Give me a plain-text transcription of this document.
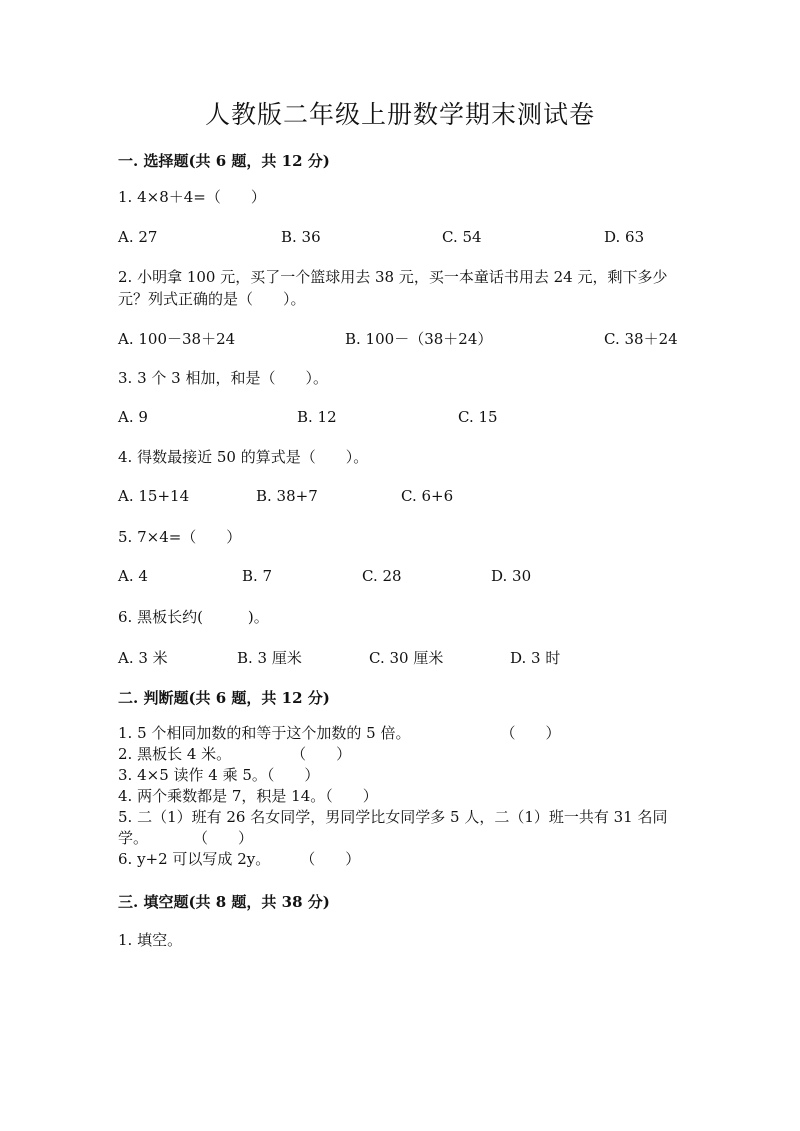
人教版二年级上册数学期末测试卷
一. 选择题(共 6 题，共 12 分)

1. 4×8＋4=（　　）

A. 27	B. 36	C. 54	D. 63

2. 小明拿 100 元，买了一个篮球用去 38 元，买一本童话书用去 24 元，剩下多少元？列式正确的是（　　）。

A. 100－38＋24	B. 100－（38＋24）	C. 38＋24

3. 3 个 3 相加，和是（　　）。

A. 9	B. 12	C. 15

4. 得数最接近 50 的算式是（　　）。

A. 15+14	B. 38+7	C. 6+6

5. 7×4=（　　）

A. 4	B. 7	C. 28	D. 30

6. 黑板长约(　　　)。

A. 3 米	B. 3 厘米	C. 30 厘米	D. 3 时
二. 判断题(共 6 题，共 12 分)

1. 5 个相同加数的和等于这个加数的 5 倍。　　　　　　　（　　）

2. 黑板长 4 米。　　　　　（　　）

3. 4×5 读作 4 乘 5。（　　）

4. 两个乘数都是 7，积是 14。（　　）

5. 二（1）班有 26 名女同学，男同学比女同学多 5 人，二（1）班一共有 31 名同学。　　　　（　　）

6. y+2 可以写成 2y。　　　（　　）

三. 填空题(共 8 题，共 38 分)

1. 填空。
